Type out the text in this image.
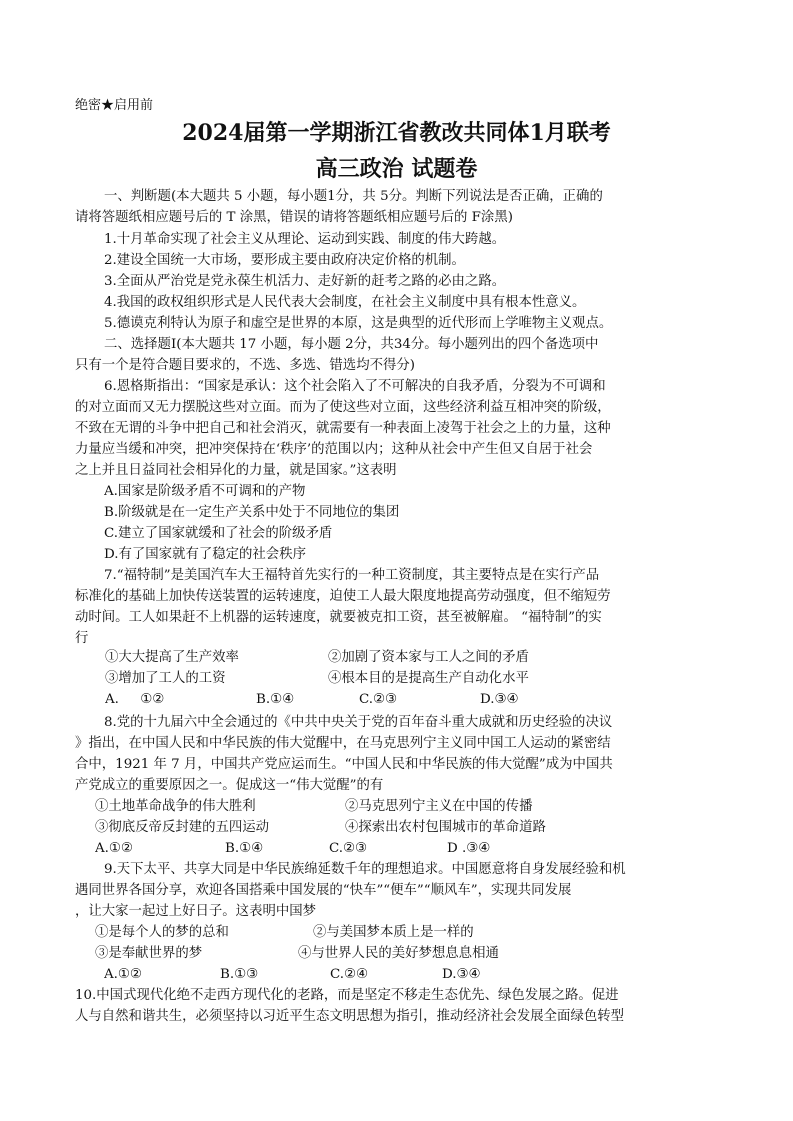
绝密★启用前
2024届第一学期浙江省教改共同体1月联考
高三政治 试题卷
一、判断题(本大题共 5 小题，每小题1分，共 5分。判断下列说法是否正确，正确的
请将答题纸相应题号后的 T 涂黑，错误的请将答题纸相应题号后的 F涂黑)
1.十月革命实现了社会主义从理论、运动到实践、制度的伟大跨越。
2.建设全国统一大市场，要形成主要由政府决定价格的机制。
3.全面从严治党是党永葆生机活力、走好新的赶考之路的必由之路。
4.我国的政权组织形式是人民代表大会制度，在社会主义制度中具有根本性意义。
5.德谟克利特认为原子和虚空是世界的本原，这是典型的近代形而上学唯物主义观点。
二、选择题Ⅰ(本大题共 17 小题，每小题 2分，共34分。每小题列出的四个备选项中
只有一个是符合题目要求的，不选、多选、错选均不得分)
6.恩格斯指出：“国家是承认：这个社会陷入了不可解决的自我矛盾，分裂为不可调和
的对立面而又无力摆脱这些对立面。而为了使这些对立面，这些经济利益互相冲突的阶级，
不致在无谓的斗争中把自己和社会消灭，就需要有一种表面上凌驾于社会之上的力量，这种
力量应当缓和冲突，把冲突保持在‘秩序’的范围以内；这种从社会中产生但又自居于社会
之上并且日益同社会相异化的力量，就是国家。”这表明
A.国家是阶级矛盾不可调和的产物
B.阶级就是在一定生产关系中处于不同地位的集团
C.建立了国家就缓和了社会的阶级矛盾
D.有了国家就有了稳定的社会秩序
7.“福特制”是美国汽车大王福特首先实行的一种工资制度，其主要特点是在实行产品
标准化的基础上加快传送装置的运转速度，迫使工人最大限度地提高劳动强度，但不缩短劳
动时间。工人如果赶不上机器的运转速度，就要被克扣工资，甚至被解雇。 “福特制”的实
行
①大大提高了生产效率	②加剧了资本家与工人之间的矛盾
③增加了工人的工资	④根本目的是提高生产自动化水平
A.     ①②	B.①④	C.②③	D.③④
8.党的十九届六中全会通过的《中共中央关于党的百年奋斗重大成就和历史经验的决议
》指出，在中国人民和中华民族的伟大觉醒中，在马克思列宁主义同中国工人运动的紧密结
合中，1921 年 7 月，中国共产党应运而生。“中国人民和中华民族的伟大觉醒”成为中国共
产党成立的重要原因之一。促成这一“伟大觉醒”的有
①土地革命战争的伟大胜利	②马克思列宁主义在中国的传播
③彻底反帝反封建的五四运动	④探索出农村包围城市的革命道路
A.①②	B.①④	C.②③	D .③④
9.天下太平、共享大同是中华民族绵延数千年的理想追求。中国愿意将自身发展经验和机
遇同世界各国分享，欢迎各国搭乘中国发展的“快车”“便车”“顺风车”，实现共同发展
，让大家一起过上好日子。这表明中国梦
①是每个人的梦的总和	②与美国梦本质上是一样的
③是奉献世界的梦	④与世界人民的美好梦想息息相通
A.①②	B.①③	C.②④	D.③④
10.中国式现代化绝不走西方现代化的老路，而是坚定不移走生态优先、绿色发展之路。促进
人与自然和谐共生，必须坚持以习近平生态文明思想为指引，推动经济社会发展全面绿色转型
